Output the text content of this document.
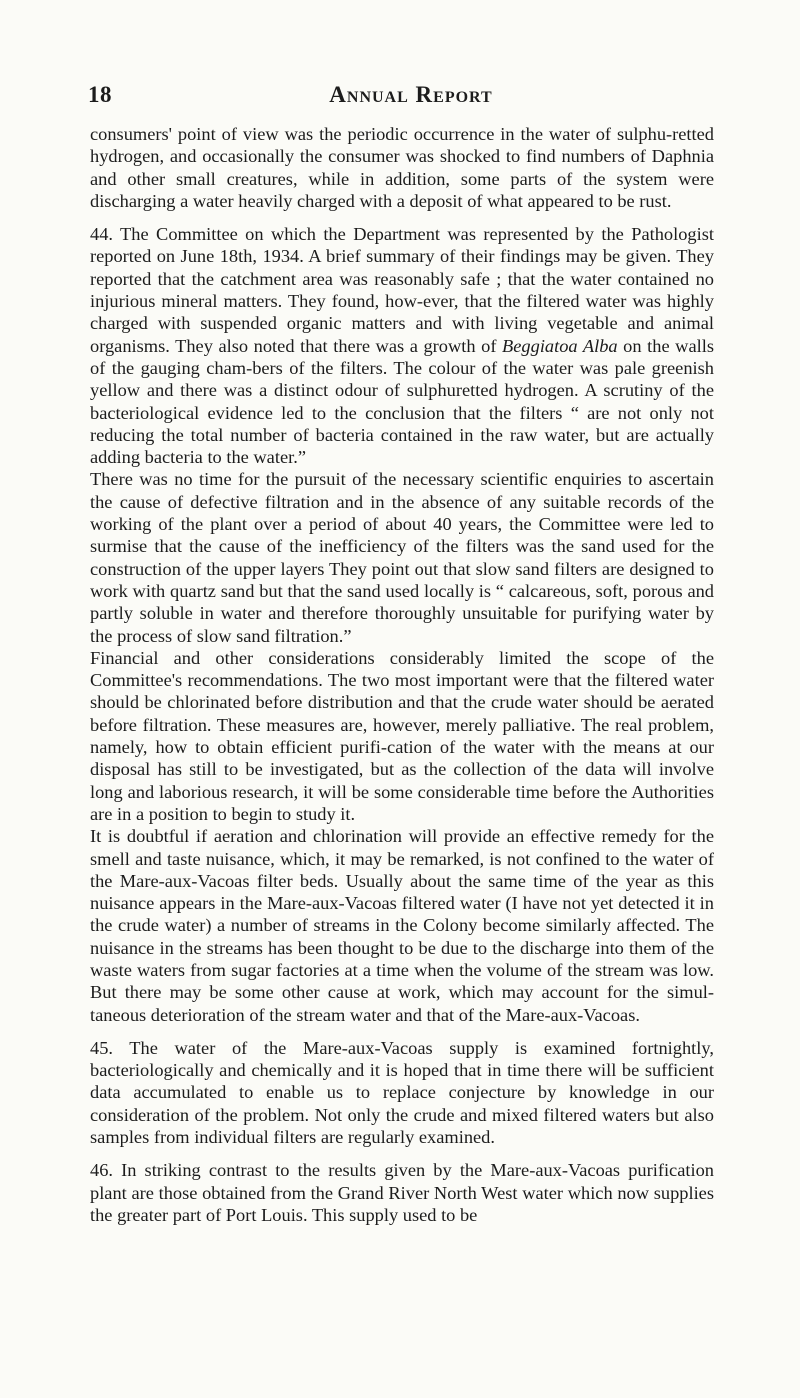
18	Annual Report

consumers' point of view was the periodic occurrence in the water of sulphu-retted hydrogen, and occasionally the consumer was shocked to find numbers of Daphnia and other small creatures, while in addition, some parts of the system were discharging a water heavily charged with a deposit of what appeared to be rust.

44. The Committee on which the Department was represented by the Pathologist reported on June 18th, 1934. A brief summary of their findings may be given. They reported that the catchment area was reasonably safe ; that the water contained no injurious mineral matters. They found, how-ever, that the filtered water was highly charged with suspended organic matters and with living vegetable and animal organisms. They also noted that there was a growth of Beggiatoa Alba on the walls of the gauging cham-bers of the filters. The colour of the water was pale greenish yellow and there was a distinct odour of sulphuretted hydrogen. A scrutiny of the bacteriological evidence led to the conclusion that the filters “ are not only not reducing the total number of bacteria contained in the raw water, but are actually adding bacteria to the water.”

There was no time for the pursuit of the necessary scientific enquiries to ascertain the cause of defective filtration and in the absence of any suitable records of the working of the plant over a period of about 40 years, the Committee were led to surmise that the cause of the inefficiency of the filters was the sand used for the construction of the upper layers They point out that slow sand filters are designed to work with quartz sand but that the sand used locally is “ calcareous, soft, porous and partly soluble in water and therefore thoroughly unsuitable for purifying water by the process of slow sand filtration.”

Financial and other considerations considerably limited the scope of the Committee's recommendations. The two most important were that the filtered water should be chlorinated before distribution and that the crude water should be aerated before filtration. These measures are, however, merely palliative. The real problem, namely, how to obtain efficient purifi-cation of the water with the means at our disposal has still to be investigated, but as the collection of the data will involve long and laborious research, it will be some considerable time before the Authorities are in a position to begin to study it.

It is doubtful if aeration and chlorination will provide an effective remedy for the smell and taste nuisance, which, it may be remarked, is not confined to the water of the Mare-aux-Vacoas filter beds. Usually about the same time of the year as this nuisance appears in the Mare-aux-Vacoas filtered water (I have not yet detected it in the crude water) a number of streams in the Colony become similarly affected. The nuisance in the streams has been thought to be due to the discharge into them of the waste waters from sugar factories at a time when the volume of the stream was low. But there may be some other cause at work, which may account for the simul-taneous deterioration of the stream water and that of the Mare-aux-Vacoas.

45. The water of the Mare-aux-Vacoas supply is examined fortnightly, bacteriologically and chemically and it is hoped that in time there will be sufficient data accumulated to enable us to replace conjecture by knowledge in our consideration of the problem. Not only the crude and mixed filtered waters but also samples from individual filters are regularly examined.

46. In striking contrast to the results given by the Mare-aux-Vacoas purification plant are those obtained from the Grand River North West water which now supplies the greater part of Port Louis. This supply used to be
